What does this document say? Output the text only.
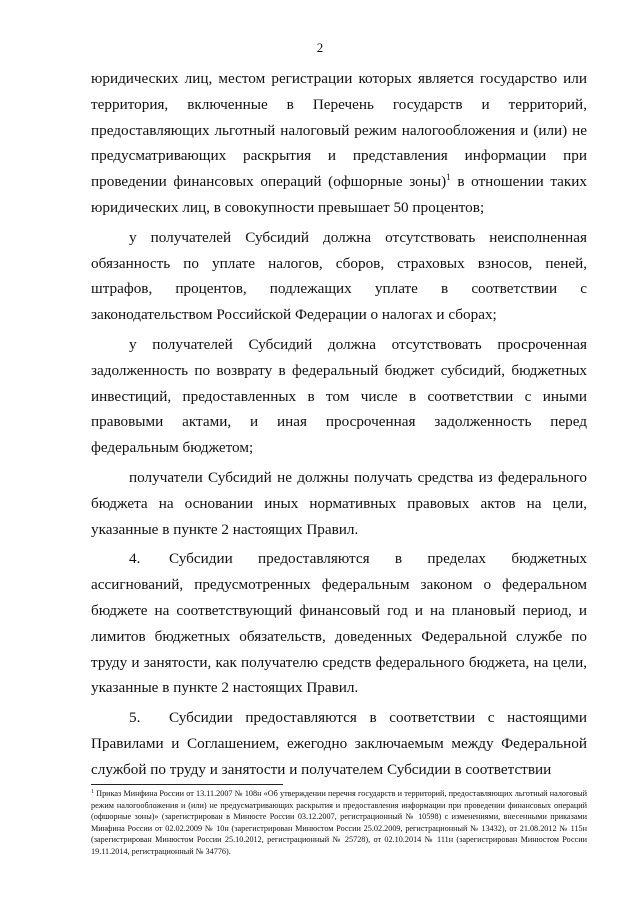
2

юридических лиц, местом регистрации которых является государство или территория, включенные в Перечень государств и территорий, предоставляющих льготный налоговый режим налогообложения и (или) не предусматривающих раскрытия и представления информации при проведении финансовых операций (офшорные зоны)$^1$ в отношении таких юридических лиц, в совокупности превышает 50 процентов;

у получателей Субсидий должна отсутствовать неисполненная обязанность по уплате налогов, сборов, страховых взносов, пеней, штрафов, процентов, подлежащих уплате в соответствии с законодательством Российской Федерации о налогах и сборах;

у получателей Субсидий должна отсутствовать просроченная задолженность по возврату в федеральный бюджет субсидий, бюджетных инвестиций, предоставленных в том числе в соответствии с иными правовыми актами, и иная просроченная задолженность перед федеральным бюджетом;

получатели Субсидий не должны получать средства из федерального бюджета на основании иных нормативных правовых актов на цели, указанные в пункте 2 настоящих Правил.

4. Субсидии предоставляются в пределах бюджетных ассигнований, предусмотренных федеральным законом о федеральном бюджете на соответствующий финансовый год и на плановый период, и лимитов бюджетных обязательств, доведенных Федеральной службе по труду и занятости, как получателю средств федерального бюджета, на цели, указанные в пункте 2 настоящих Правил.

5. Субсидии предоставляются в соответствии с настоящими Правилами и Соглашением, ежегодно заключаемым между Федеральной службой по труду и занятости и получателем Субсидии в соответствии

$^1$ Приказ Минфина России от 13.11.2007 № 108н «Об утверждении перечня государств и территорий, предоставляющих льготный налоговый режим налогообложения и (или) не предусматривающих раскрытия и предоставления информации при проведении финансовых операций (офшорные зоны)» (зарегистрирован в Минюсте России 03.12.2007, регистрационный № 10598) с изменениями, внесенными приказами Минфина России от 02.02.2009 № 10н (зарегистрирован Минюстом России 25.02.2009, регистрационный № 13432), от 21.08.2012 № 115н (зарегистрирован Минюстом России 25.10.2012, регистрационный № 25728), от 02.10.2014 № 111н (зарегистрирован Минюстом России 19.11.2014, регистрационный № 34776).
